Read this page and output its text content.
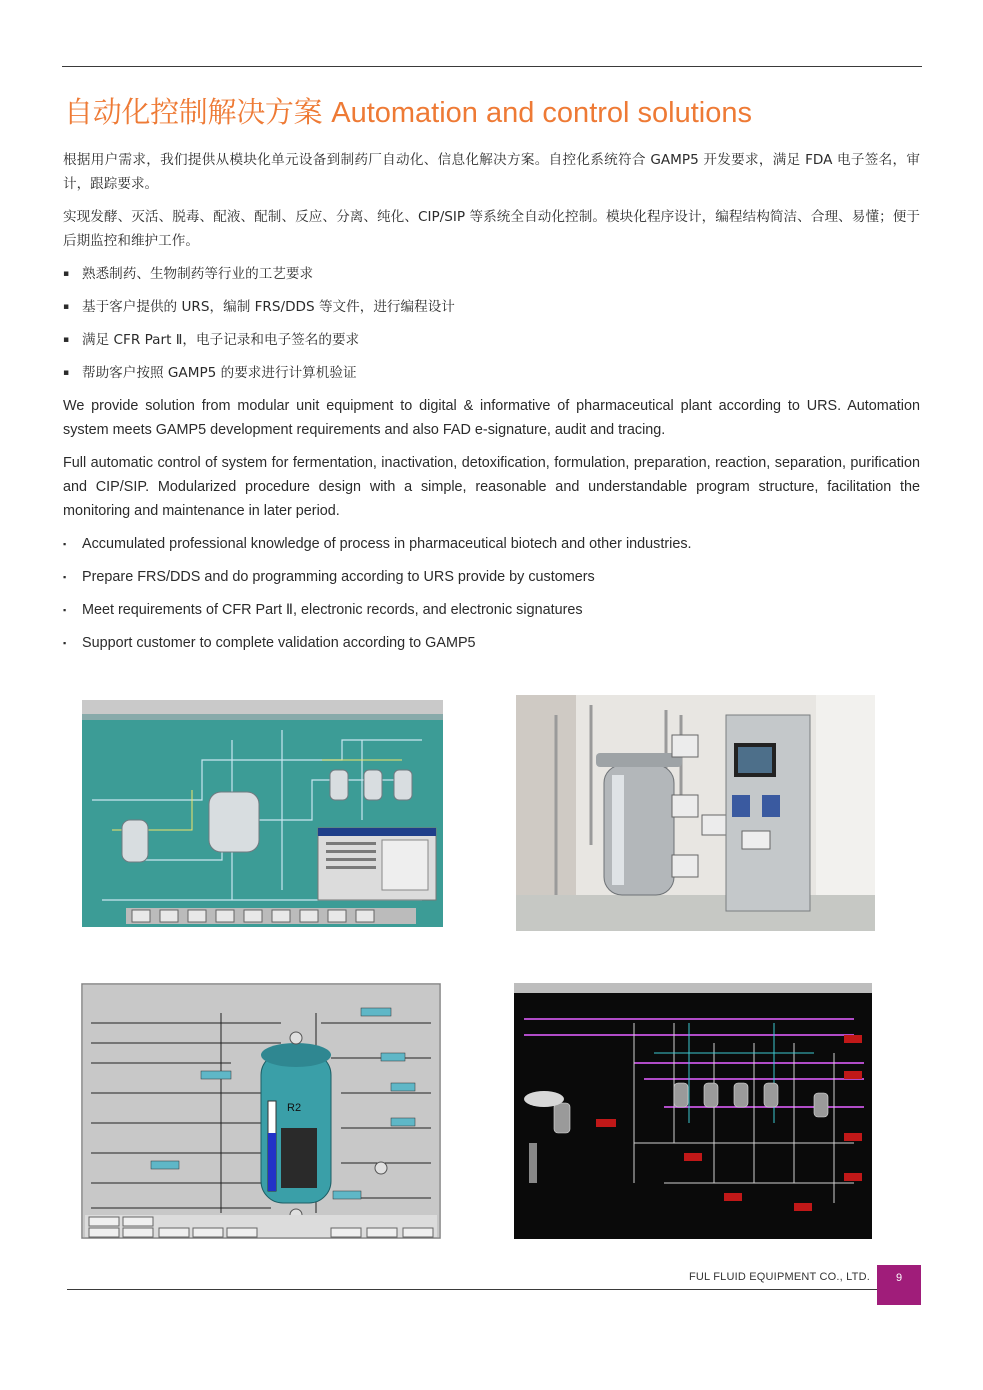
自动化控制解决方案 Automation and control solutions

根据用户需求，我们提供从模块化单元设备到制药厂自动化、信息化解决方案。自控化系统符合 GAMP5 开发要求，满足 FDA 电子签名，审计，跟踪要求。

实现发酵、灭活、脱毒、配液、配制、反应、分离、纯化、CIP/SIP 等系统全自动化控制。模块化程序设计，编程结构简洁、合理、易懂；便于后期监控和维护工作。

▪ 熟悉制药、生物制药等行业的工艺要求
▪ 基于客户提供的 URS，编制 FRS/DDS 等文件，进行编程设计
▪ 满足 CFR Part Ⅱ，电子记录和电子签名的要求
▪ 帮助客户按照 GAMP5 的要求进行计算机验证

We provide solution from modular unit equipment to digital & informative of pharmaceutical plant according to URS. Automation system meets GAMP5 development requirements and also FAD e-signature, audit and tracing.

Full automatic control of system for fermentation, inactivation, detoxification, formulation, preparation, reaction, separation, purification and CIP/SIP. Modularized procedure design with a simple, reasonable and understandable program structure, facilitation the monitoring and maintenance in later period.

▪ Accumulated professional knowledge of process in pharmaceutical biotech and other industries.
▪ Prepare FRS/DDS and do programming according to URS provide by customers
▪ Meet requirements of CFR Part Ⅱ, electronic records, and electronic signatures
▪ Support customer to complete validation according to GAMP5
R2
FUL FLUID EQUIPMENT CO., LTD.	9
